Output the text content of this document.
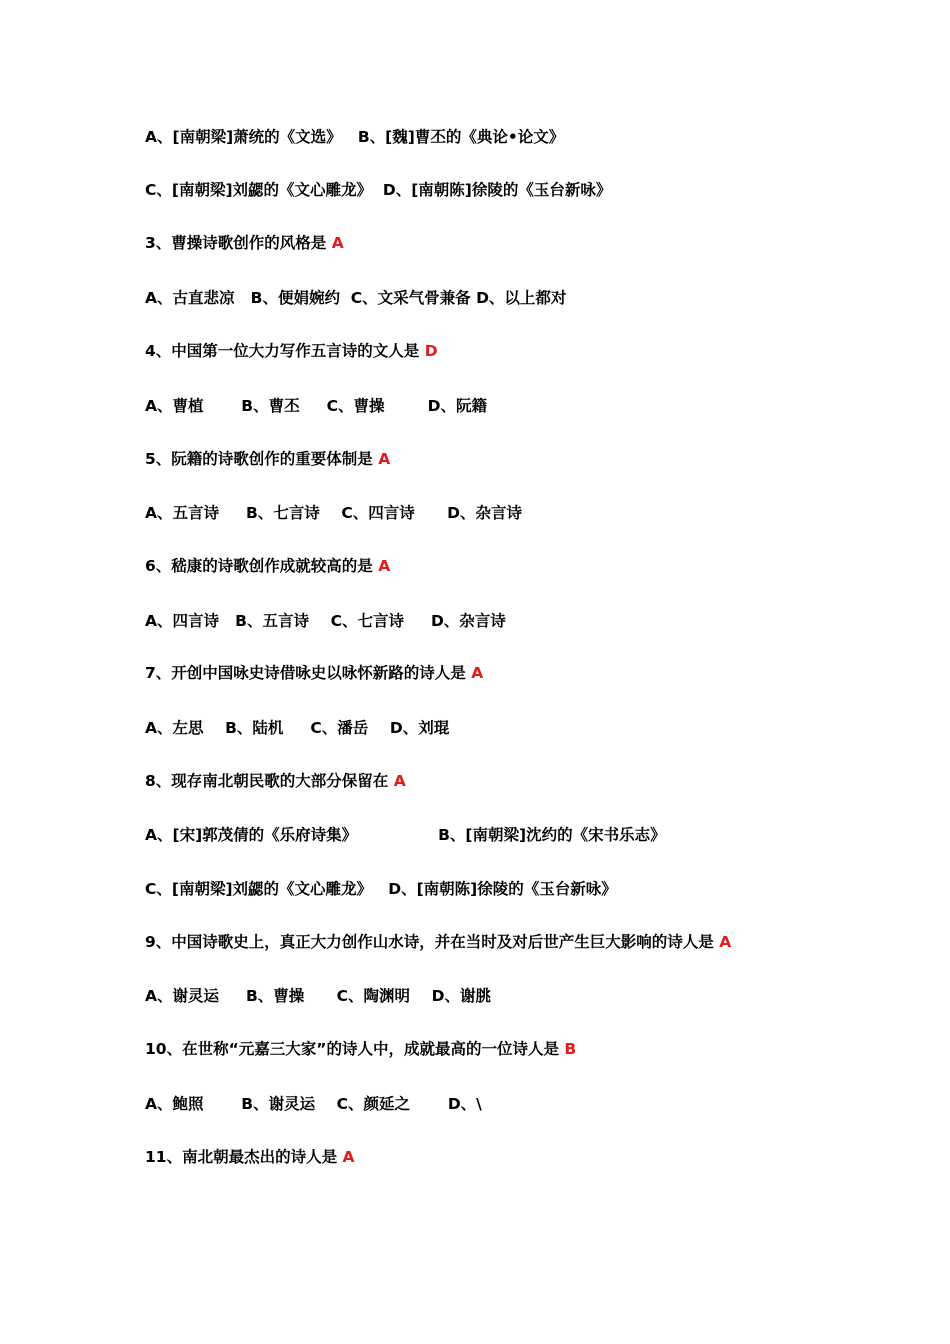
A、[南朝梁]萧统的《文选》   B、[魏]曹丕的《典论•论文》
C、[南朝梁]刘勰的《文心雕龙》  D、[南朝陈]徐陵的《玉台新咏》
3、曹操诗歌创作的风格是 A
A、古直悲凉   B、便娟婉约  C、文采气骨兼备 D、以上都对
4、中国第一位大力写作五言诗的文人是 D
A、曹植       B、曹丕     C、曹操        D、阮籍
5、阮籍的诗歌创作的重要体制是 A
A、五言诗     B、七言诗    C、四言诗      D、杂言诗
6、嵇康的诗歌创作成就较高的是 A
A、四言诗   B、五言诗    C、七言诗     D、杂言诗
7、开创中国咏史诗借咏史以咏怀新路的诗人是 A
A、左思    B、陆机     C、潘岳    D、刘琨
8、现存南北朝民歌的大部分保留在 A
A、[宋]郭茂倩的《乐府诗集》               B、[南朝梁]沈约的《宋书乐志》
C、[南朝梁]刘勰的《文心雕龙》   D、[南朝陈]徐陵的《玉台新咏》
9、中国诗歌史上，真正大力创作山水诗，并在当时及对后世产生巨大影响的诗人是 A
A、谢灵运     B、曹操      C、陶渊明    D、谢朓
10、在世称“元嘉三大家”的诗人中，成就最高的一位诗人是 B
A、鲍照       B、谢灵运    C、颜延之       D、\
11、南北朝最杰出的诗人是 A
